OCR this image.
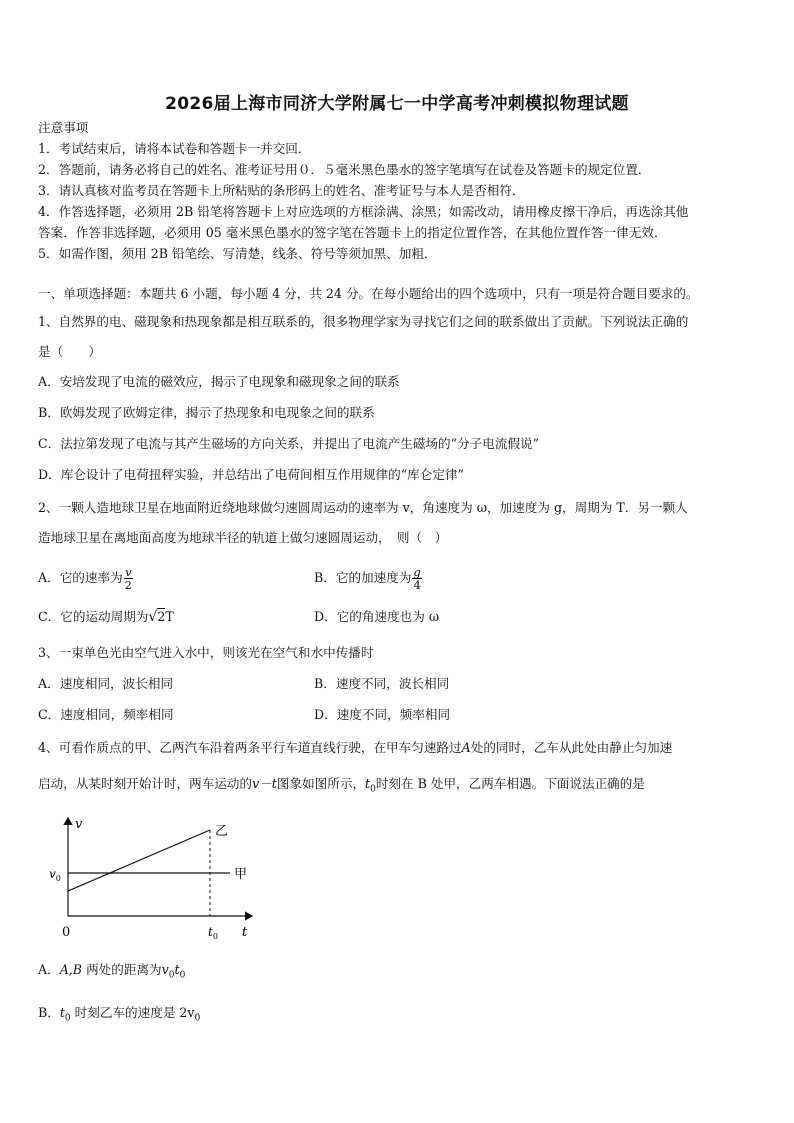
2026届上海市同济大学附属七一中学高考冲刺模拟物理试题
注意事项
1．考试结束后，请将本试卷和答题卡一并交回．
2．答题前，请务必将自己的姓名、准考证号用０．５毫米黑色墨水的签字笔填写在试卷及答题卡的规定位置．
3．请认真核对监考员在答题卡上所粘贴的条形码上的姓名、准考证号与本人是否相符．
4．作答选择题，必须用 2B 铅笔将答题卡上对应选项的方框涂满、涂黑；如需改动，请用橡皮擦干净后，再选涂其他
答案．作答非选择题，必须用 05 毫米黑色墨水的签字笔在答题卡上的指定位置作答，在其他位置作答一律无效．
5．如需作图，须用 2B 铅笔绘、写清楚，线条、符号等须加黑、加粗．
一、单项选择题：本题共 6 小题，每小题 4 分，共 24 分。在每小题给出的四个选项中，只有一项是符合题目要求的。
1、自然界的电、磁现象和热现象都是相互联系的，很多物理学家为寻找它们之间的联系做出了贡献。下列说法正确的
是（　　）
A．安培发现了电流的磁效应，揭示了电现象和磁现象之间的联系
B．欧姆发现了欧姆定律，揭示了热现象和电现象之间的联系
C．法拉第发现了电流与其产生磁场的方向关系，并提出了电流产生磁场的“分子电流假说”
D．库仑设计了电荷扭秤实验，并总结出了电荷间相互作用规律的“库仑定律”
2、一颗人造地球卫星在地面附近绕地球做匀速圆周运动的速率为 v，角速度为 ω，加速度为 g，周期为 T．另一颗人
造地球卫星在离地面高度为地球半径的轨道上做匀速圆周运动，　则（　）
A．它的速率为 $\frac{v}{2}$	B．它的加速度为 $\frac{g}{4}$
C．它的运动周期为√2T	D．它的角速度也为 ω
3、一束单色光由空气进入水中，则该光在空气和水中传播时
A．速度相同，波长相同	B．速度不同，波长相同
C．速度相同，频率相同	D．速度不同，频率相同
4、可看作质点的甲、乙两汽车沿着两条平行车道直线行驶，在甲车匀速路过A处的同时，乙车从此处由静止匀加速
启动，从某时刻开始计时，两车运动的v－t图象如图所示，$t_0$时刻在 B 处甲，乙两车相遇。下面说法正确的是
v
t
0
$v_0$
$t_0$
甲
乙
A．A,B 两处的距离为$v_0t_0$
B．$t_0$ 时刻乙车的速度是 $2v_0$
